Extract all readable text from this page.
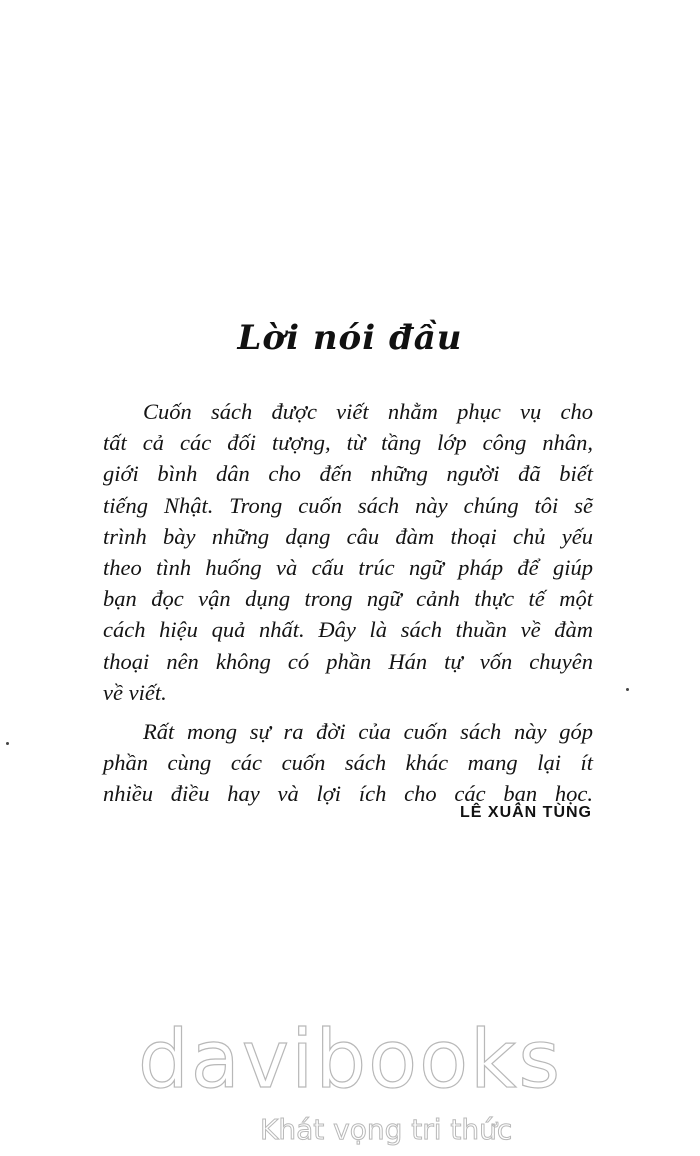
Lời nói đầu
Cuốn sách được viết nhằm phục vụ cho
tất cả các đối tượng, từ tầng lớp công nhân,
giới bình dân cho đến những người đã biết
tiếng Nhật. Trong cuốn sách này chúng tôi sẽ
trình bày những dạng câu đàm thoại chủ yếu
theo tình huống và cấu trúc ngữ pháp để giúp
bạn đọc vận dụng trong ngữ cảnh thực tế một
cách hiệu quả nhất. Đây là sách thuần về đàm
thoại nên không có phần Hán tự vốn chuyên
về viết.
Rất mong sự ra đời của cuốn sách này góp
phần cùng các cuốn sách khác mang lại ít
nhiều điều hay và lợi ích cho các bạn học.
LÊ XUÂN TÙNG
davibooks
Khát vọng tri thức
